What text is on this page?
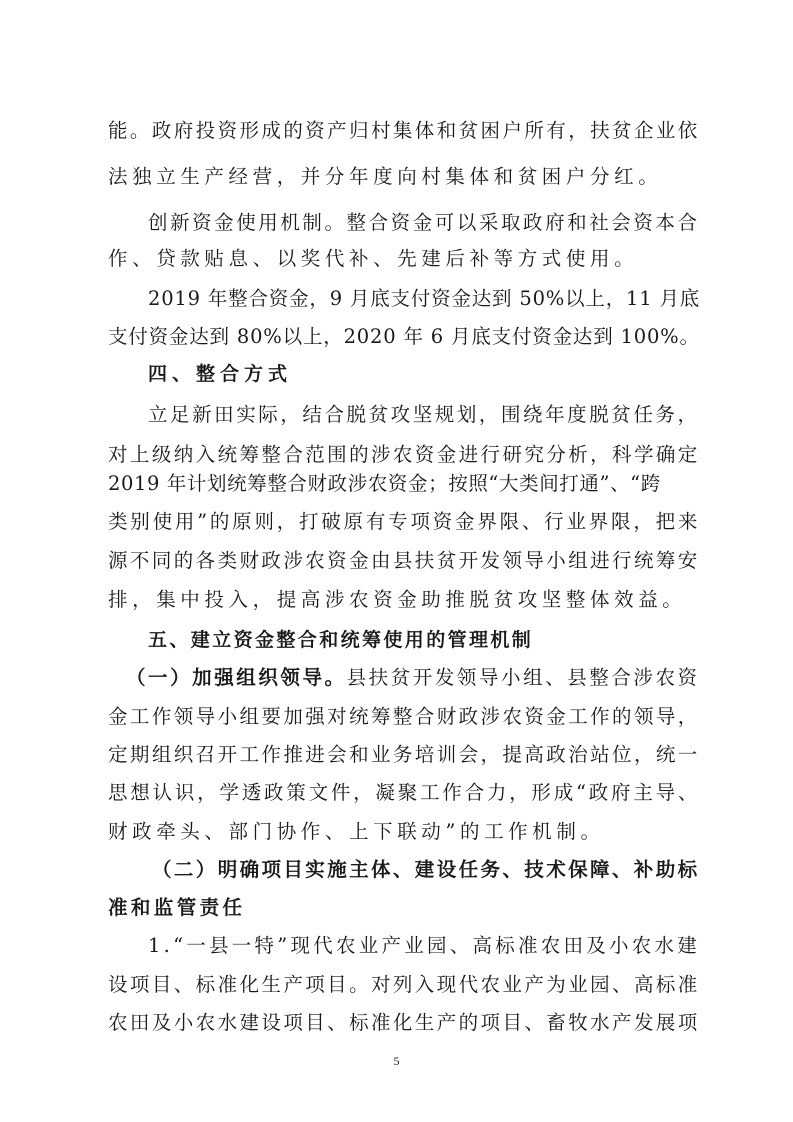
能。政府投资形成的资产归村集体和贫困户所有，扶贫企业依
法独立生产经营，并分年度向村集体和贫困户分红。
创新资金使用机制。整合资金可以采取政府和社会资本合
作、贷款贴息、以奖代补、先建后补等方式使用。
2019 年整合资金，9 月底支付资金达到 50%以上，11 月底
支付资金达到 80%以上，2020 年 6 月底支付资金达到 100%。
四、整合方式
立足新田实际，结合脱贫攻坚规划，围绕年度脱贫任务，
对上级纳入统筹整合范围的涉农资金进行研究分析，科学确定
2019 年计划统筹整合财政涉农资金；按照“大类间打通”、“跨
类别使用”的原则，打破原有专项资金界限、行业界限，把来
源不同的各类财政涉农资金由县扶贫开发领导小组进行统筹安
排，集中投入，提高涉农资金助推脱贫攻坚整体效益。
五、建立资金整合和统筹使用的管理机制
（一）加强组织领导。县扶贫开发领导小组、县整合涉农资
金工作领导小组要加强对统筹整合财政涉农资金工作的领导，
定期组织召开工作推进会和业务培训会，提高政治站位，统一
思想认识，学透政策文件，凝聚工作合力，形成“政府主导、
财政牵头、部门协作、上下联动”的工作机制。
（二）明确项目实施主体、建设任务、技术保障、补助标
准和监管责任
1.“一县一特”现代农业产业园、高标准农田及小农水建
设项目、标准化生产项目。对列入现代农业产为业园、高标准
农田及小农水建设项目、标准化生产的项目、畜牧水产发展项
5
